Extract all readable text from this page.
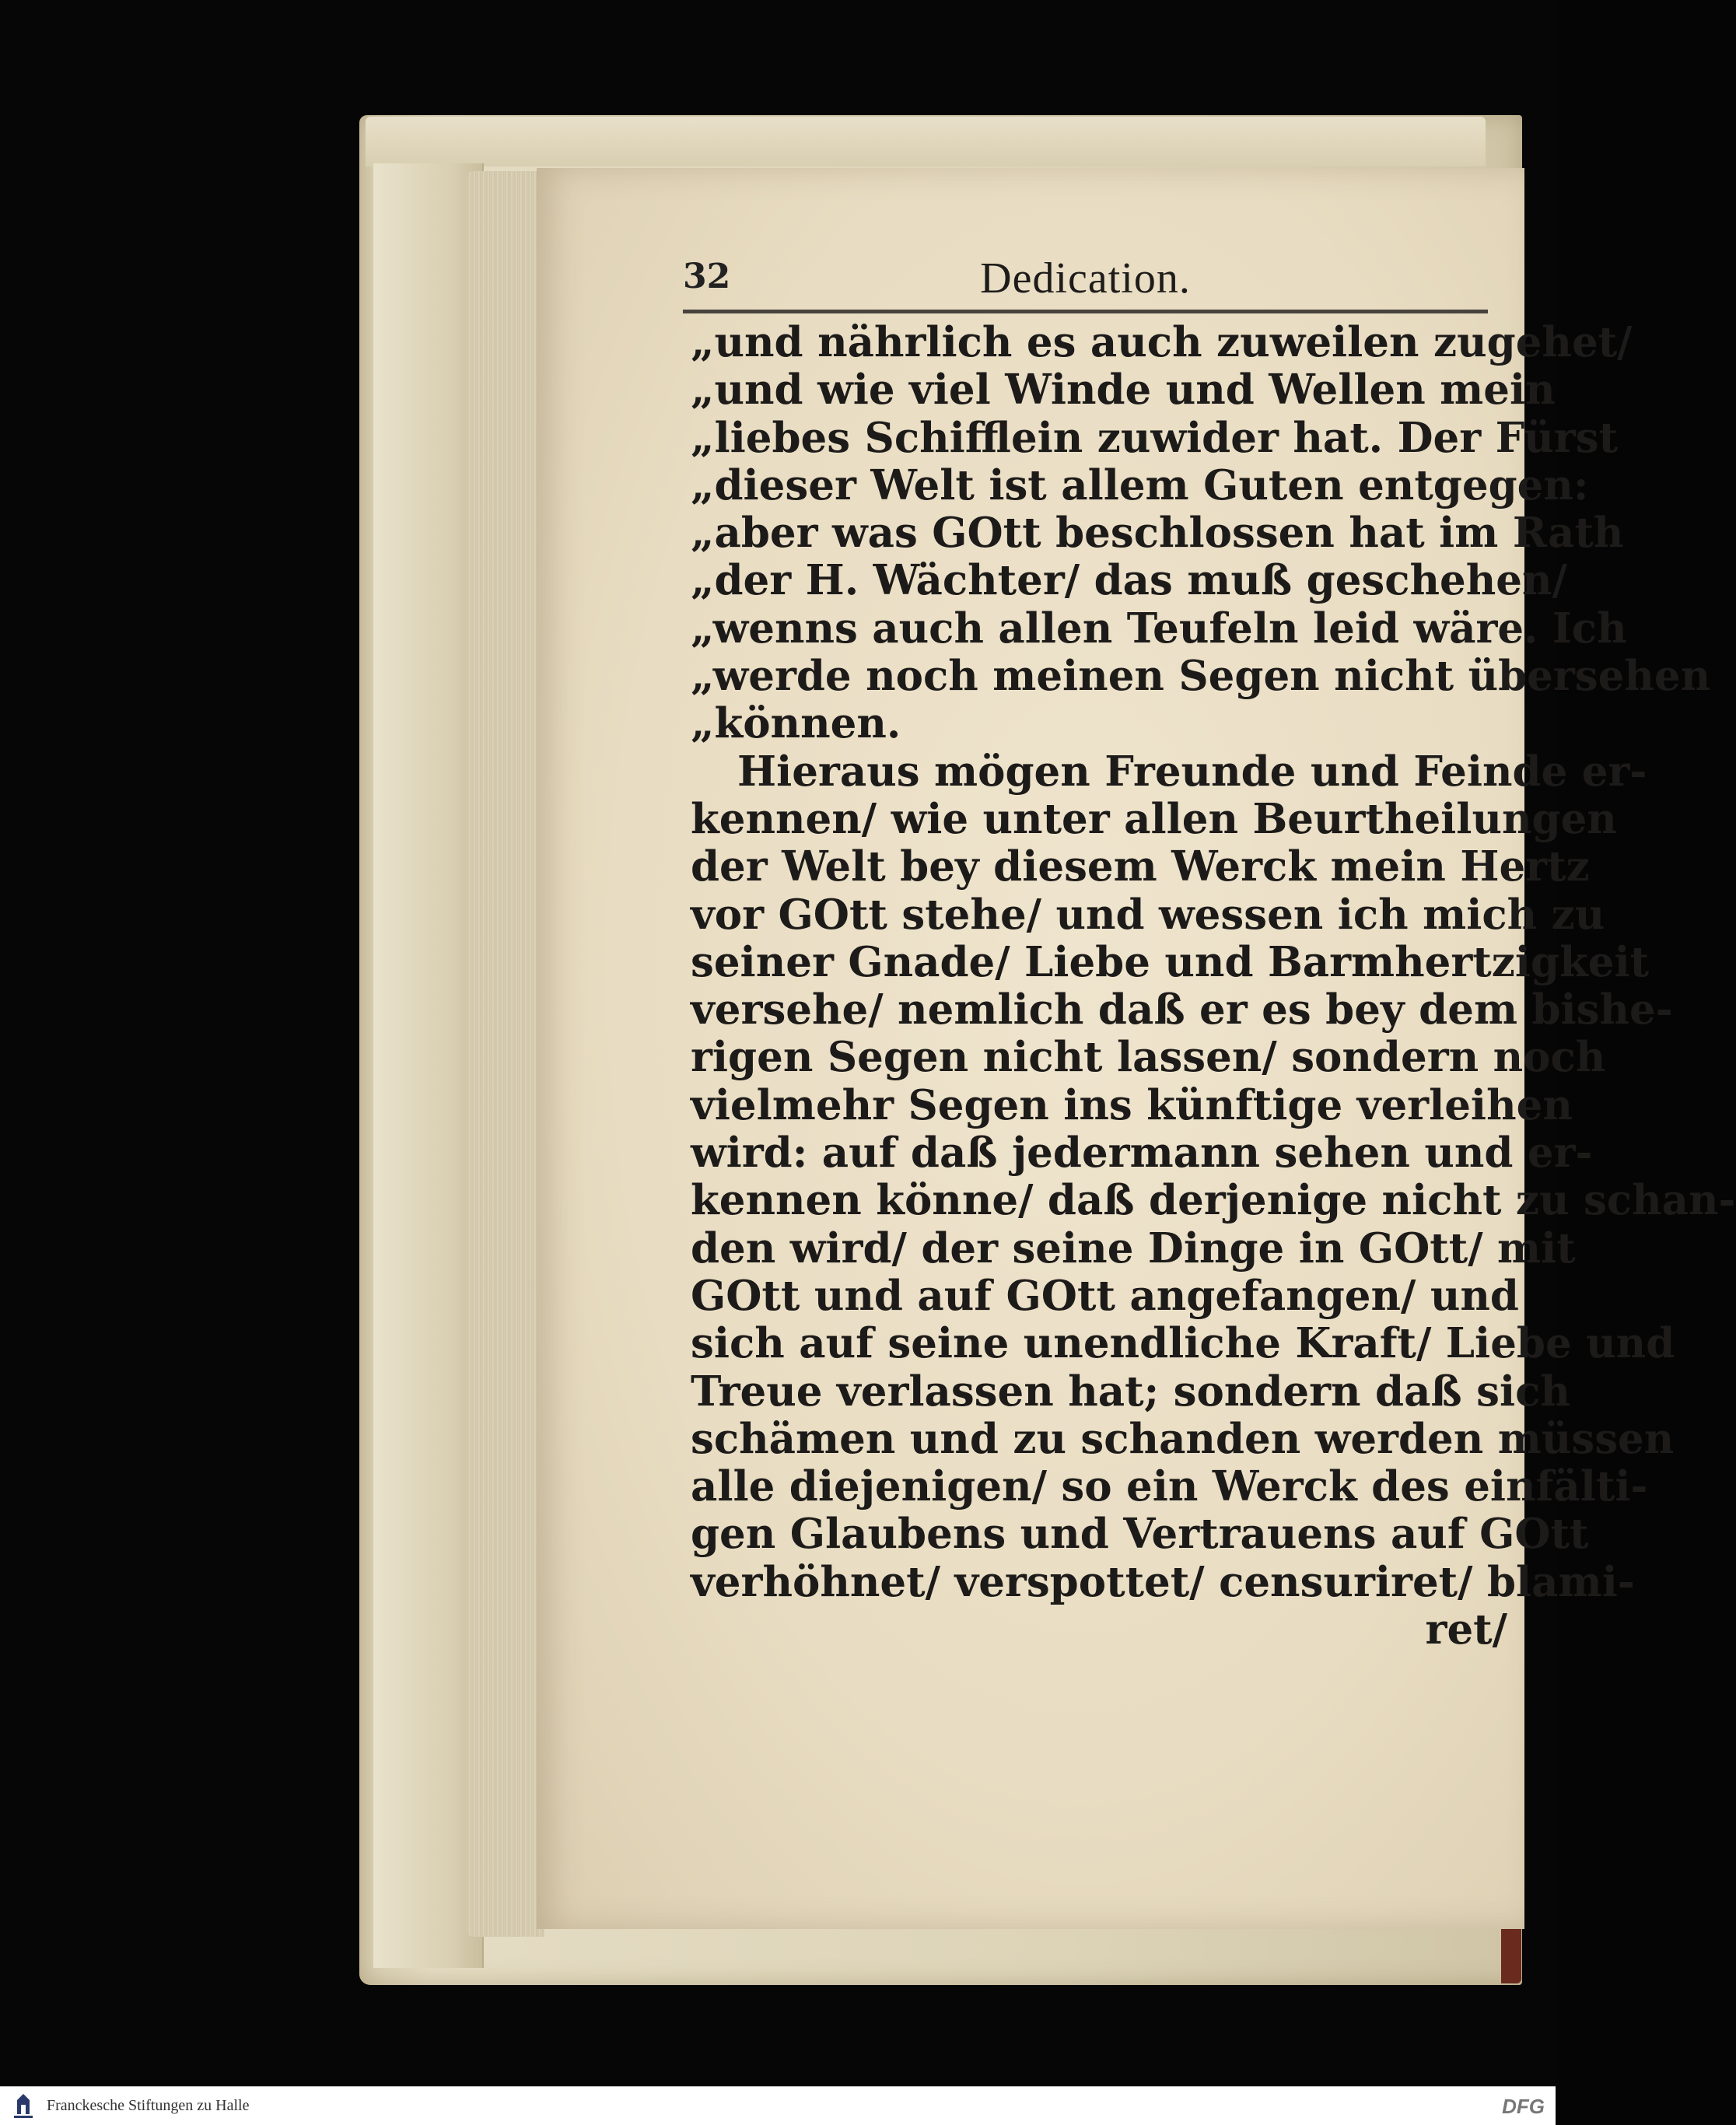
32	Dedication.
„und nährlich es auch zuweilen zugehet/
„und wie viel Winde und Wellen mein
„liebes Schifflein zuwider hat. Der Fürst
„dieser Welt ist allem Guten entgegen:
„aber was GOtt beschlossen hat im Rath
„der H. Wächter/ das muß geschehen/
„wenns auch allen Teufeln leid wäre. Ich
„werde noch meinen Segen nicht übersehen
„können.
Hieraus mögen Freunde und Feinde er-
kennen/ wie unter allen Beurtheilungen
der Welt bey diesem Werck mein Hertz
vor GOtt stehe/ und wessen ich mich zu
seiner Gnade/ Liebe und Barmhertzigkeit
versehe/ nemlich daß er es bey dem bishe-
rigen Segen nicht lassen/ sondern noch
vielmehr Segen ins künftige verleihen
wird: auf daß jedermann sehen und er-
kennen könne/ daß derjenige nicht zu schan-
den wird/ der seine Dinge in GOtt/ mit
GOtt und auf GOtt angefangen/ und
sich auf seine unendliche Kraft/ Liebe und
Treue verlassen hat; sondern daß sich
schämen und zu schanden werden müssen
alle diejenigen/ so ein Werck des einfälti-
gen Glaubens und Vertrauens auf GOtt
verhöhnet/ verspottet/ censuriret/ blami-
ret/
Franckesche Stiftungen zu Halle	DFG
